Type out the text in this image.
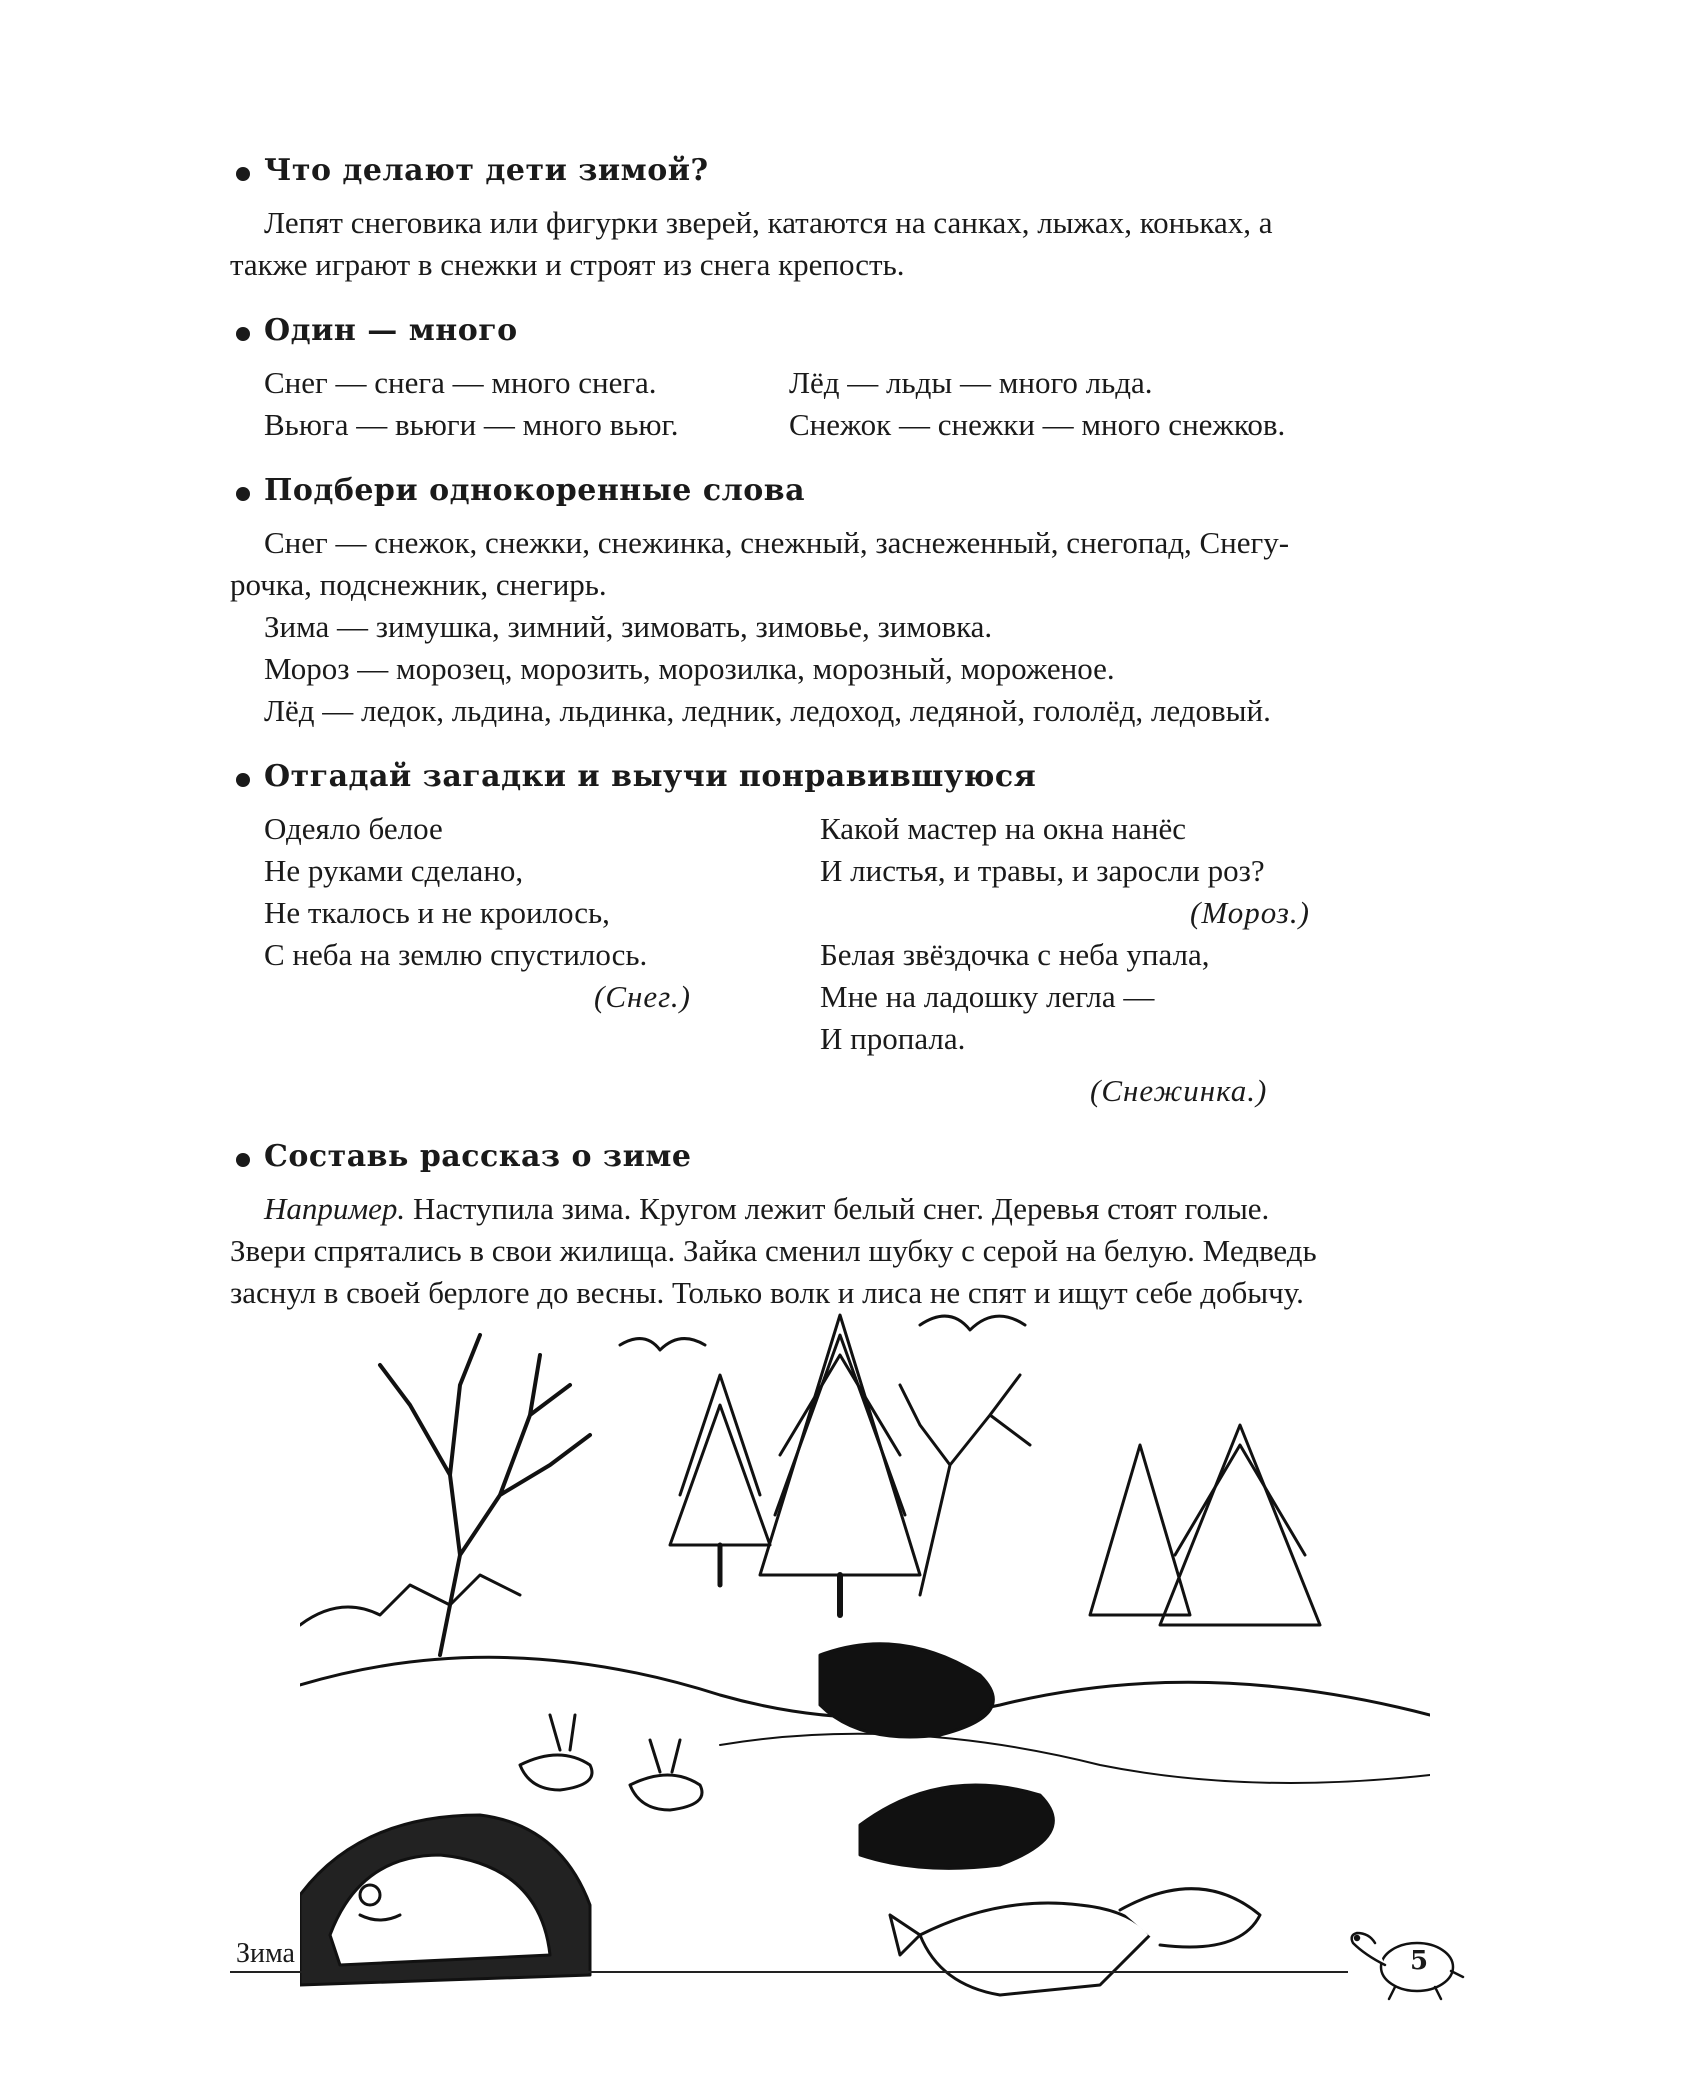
Что делают дети зимой?

Лепят снеговика или фигурки зверей, катаются на санках, лыжах, коньках, а

также играют в снежки и строят из снега крепость.

Один — много
Снег — снега — много снега.
Вьюга — вьюги — много вьюг.
Лёд — льды — много льда.
Снежок — снежки — много снежков.
Подбери однокоренные слова

Снег — снежок, снежки, снежинка, снежный, заснеженный, снегопад, Снегу-

рочка, подснежник, снегирь.

Зима — зимушка, зимний, зимовать, зимовье, зимовка.

Мороз — морозец, морозить, морозилка, морозный, мороженое.

Лёд — ледок, льдина, льдинка, ледник, ледоход, ледяной, гололёд, ледовый.

Отгадай загадки и выучи понравившуюся
Одеяло белое
Не руками сделано,
Не ткалось и не кроилось,
С неба на землю спустилось.
(Снег.)
Какой мастер на окна нанёс
И листья, и травы, и заросли роз?
(Мороз.)
Белая звёздочка с неба упала,
Мне на ладошку легла —
И пропала.
(Снежинка.)
Составь рассказ о зиме

Например. Наступила зима. Кругом лежит белый снег. Деревья стоят голые.

Звери спрятались в свои жилища. Зайка сменил шубку с серой на белую. Медведь

заснул в своей берлоге до весны. Только волк и лиса не спят и ищут себе добычу.

Зима	5
